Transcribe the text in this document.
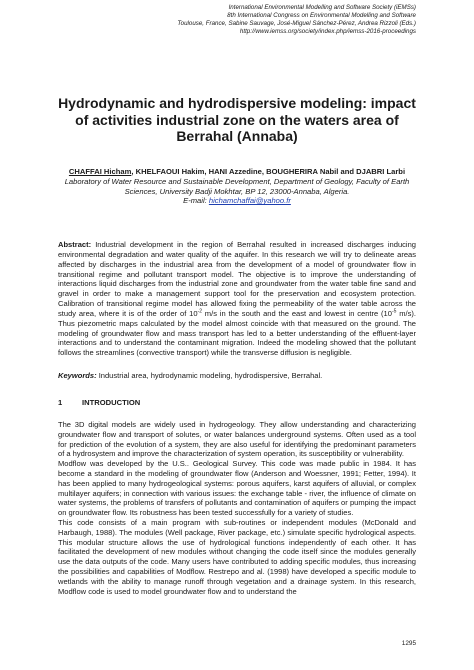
International Environmental Modelling and Software Society (iEMSs)
8th International Congress on Environmental Modelling and Software
Toulouse, France, Sabine Sauvage, José-Miguel Sánchez-Pérez, Andrea Rizzoli (Eds.)
http://www.iemss.org/society/index.php/iemss-2016-proceedings
Hydrodynamic and hydrodispersive modeling: impact of activities industrial zone on the waters area of Berrahal (Annaba)
CHAFFAI Hicham, KHELFAOUI Hakim, HANI Azzedine, BOUGHERIRA Nabil and DJABRI Larbi
Laboratory of Water Resource and Sustainable Development, Department of Geology, Faculty of Earth Sciences, University Badji Mokhtar, BP 12, 23000-Annaba, Algeria.
E-mail: hichamchaffai@yahoo.fr
Abstract: Industrial development in the region of Berrahal resulted in increased discharges inducing environmental degradation and water quality of the aquifer. In this research we will try to delineate areas affected by discharges in the industrial area from the development of a model of groundwater flow in transitional regime and pollutant transport model. The objective is to improve the understanding of interactions liquid discharges from the industrial zone and groundwater from the water table fine sand and gravel in order to make a management support tool for the preservation and ecosystem protection. Calibration of transitional regime model has allowed fixing the permeability of the water table across the study area, where it is of the order of $10^{-2}$ m/s in the south and the east and lowest in centre ($10^{-5}$ m/s). Thus piezometric maps calculated by the model almost coincide with that measured on the ground. The modeling of groundwater flow and mass transport has led to a better understanding of the effluent-layer interactions and to understand the contaminant migration. Indeed the modeling showed that the pollutant follows the streamlines (convective transport) while the transverse diffusion is negligible.
Keywords: Industrial area, hydrodynamic modeling, hydrodispersive, Berrahal.
1	INTRODUCTION

The 3D digital models are widely used in hydrogeology. They allow understanding and characterizing groundwater flow and transport of solutes, or water balances underground systems. Often used as a tool for prediction of the evolution of a system, they are also useful for identifying the predominant parameters of a hydrosystem and improve the characterization of system operation, its susceptibility or vulnerability.

Modflow was developed by the U.S.. Geological Survey. This code was made public in 1984. It has become a standard in the modeling of groundwater flow (Anderson and Woessner, 1991; Fetter, 1994). It has been applied to many hydrogeological systems: porous aquifers, karst aquifers of alluvial, or complex multilayer aquifers; in connection with various issues: the exchange table - river, the influence of climate on water systems, the problems of transfers of pollutants and contamination of aquifers or pumping the impact on groundwater flow. Its robustness has been tested successfully for a variety of studies.

This code consists of a main program with sub-routines or independent modules (McDonald and Harbaugh, 1988). The modules (Well package, River package, etc.) simulate specific hydrological aspects. This modular structure allows the use of hydrological functions independently of each other. It has facilitated the development of new modules without changing the code itself since the modules generally use the data outputs of the code. Many users have contributed to adding specific modules, thus increasing the possibilities and capabilities of Modflow. Restrepo and al. (1998) have developed a specific module to wetlands with the ability to manage runoff through vegetation and a drainage system. In this research, Modflow code is used to model groundwater flow and to understand the

1295
